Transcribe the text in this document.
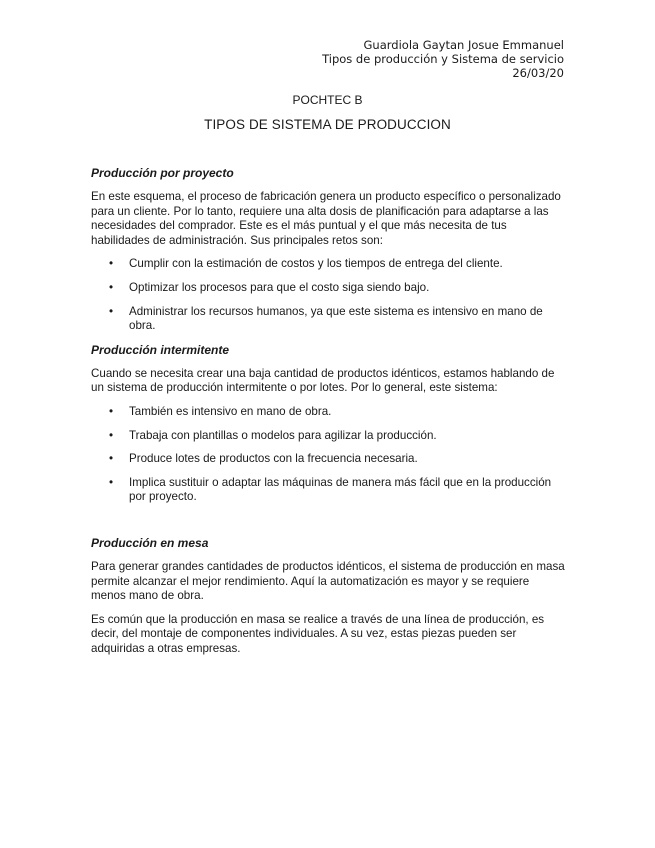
Guardiola Gaytan Josue Emmanuel
Tipos de producción y Sistema de servicio
26/03/20
POCHTEC B
TIPOS DE SISTEMA DE PRODUCCION
Producción por proyecto

En este esquema, el proceso de fabricación genera un producto específico o personalizado para un cliente. Por lo tanto, requiere una alta dosis de planificación para adaptarse a las necesidades del comprador. Este es el más puntual y el que más necesita de tus habilidades de administración. Sus principales retos son:

• Cumplir con la estimación de costos y los tiempos de entrega del cliente.
• Optimizar los procesos para que el costo siga siendo bajo.
• Administrar los recursos humanos, ya que este sistema es intensivo en mano de obra.
Producción intermitente

Cuando se necesita crear una baja cantidad de productos idénticos, estamos hablando de un sistema de producción intermitente o por lotes. Por lo general, este sistema:

• También es intensivo en mano de obra.
• Trabaja con plantillas o modelos para agilizar la producción.
• Produce lotes de productos con la frecuencia necesaria.
• Implica sustituir o adaptar las máquinas de manera más fácil que en la producción por proyecto.
Producción en mesa

Para generar grandes cantidades de productos idénticos, el sistema de producción en masa permite alcanzar el mejor rendimiento. Aquí la automatización es mayor y se requiere menos mano de obra.

Es común que la producción en masa se realice a través de una línea de producción, es decir, del montaje de componentes individuales. A su vez, estas piezas pueden ser adquiridas a otras empresas.
